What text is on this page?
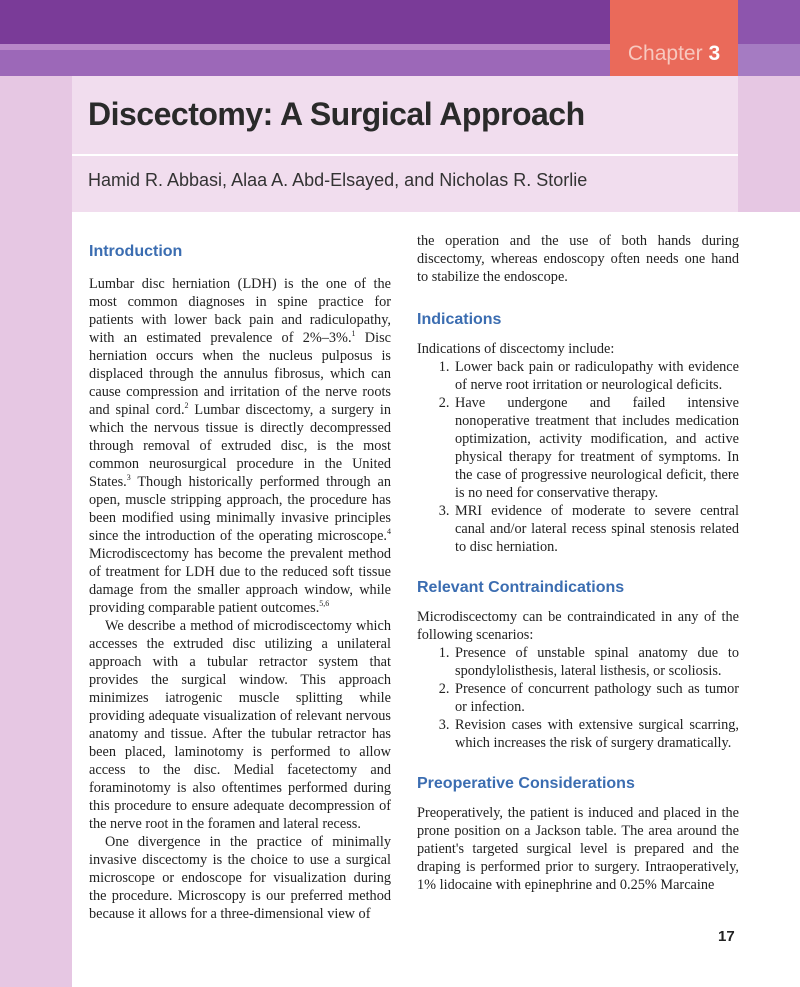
Chapter 3
Discectomy: A Surgical Approach
Hamid R. Abbasi, Alaa A. Abd-Elsayed, and Nicholas R. Storlie
Introduction

Lumbar disc herniation (LDH) is the one of the most common diagnoses in spine practice for patients with lower back pain and radiculopathy, with an estimated prevalence of 2%–3%.$^1$ Disc herniation occurs when the nucleus pulposus is displaced through the annulus fibrosus, which can cause compression and irritation of the nerve roots and spinal cord.$^2$ Lumbar discectomy, a surgery in which the nervous tissue is directly decompressed through removal of extruded disc, is the most common neurosurgical procedure in the United States.$^3$ Though historically performed through an open, muscle stripping approach, the procedure has been modified using minimally invasive principles since the introduction of the operating microscope.$^4$ Microdiscectomy has become the prevalent method of treatment for LDH due to the reduced soft tissue damage from the smaller approach window, while providing comparable patient outcomes.$^{5,6}$

We describe a method of microdiscectomy which accesses the extruded disc utilizing a unilateral approach with a tubular retractor system that provides the surgical window. This approach minimizes iatrogenic muscle splitting while providing adequate visualization of relevant nervous anatomy and tissue. After the tubular retractor has been placed, laminotomy is performed to allow access to the disc. Medial facetectomy and foraminotomy is also oftentimes performed during this procedure to ensure adequate decompression of the nerve root in the foramen and lateral recess.

One divergence in the practice of minimally invasive discectomy is the choice to use a surgical microscope or endoscope for visualization during the procedure. Microscopy is our preferred method because it allows for a three-dimensional view of

the operation and the use of both hands during discectomy, whereas endoscopy often needs one hand to stabilize the endoscope.

Indications

Indications of discectomy include:

1. Lower back pain or radiculopathy with evidence of nerve root irritation or neurological deficits.
2. Have undergone and failed intensive nonoperative treatment that includes medication optimization, activity modification, and active physical therapy for treatment of symptoms. In the case of progressive neurological deficit, there is no need for conservative therapy.
3. MRI evidence of moderate to severe central canal and/or lateral recess spinal stenosis related to disc herniation.
Relevant Contraindications

Microdiscectomy can be contraindicated in any of the following scenarios:

1. Presence of unstable spinal anatomy due to spondylolisthesis, lateral listhesis, or scoliosis.
2. Presence of concurrent pathology such as tumor or infection.
3. Revision cases with extensive surgical scarring, which increases the risk of surgery dramatically.
Preoperative Considerations

Preoperatively, the patient is induced and placed in the prone position on a Jackson table. The area around the patient's targeted surgical level is prepared and the draping is performed prior to surgery. Intraoperatively, 1% lidocaine with epinephrine and 0.25% Marcaine

17
